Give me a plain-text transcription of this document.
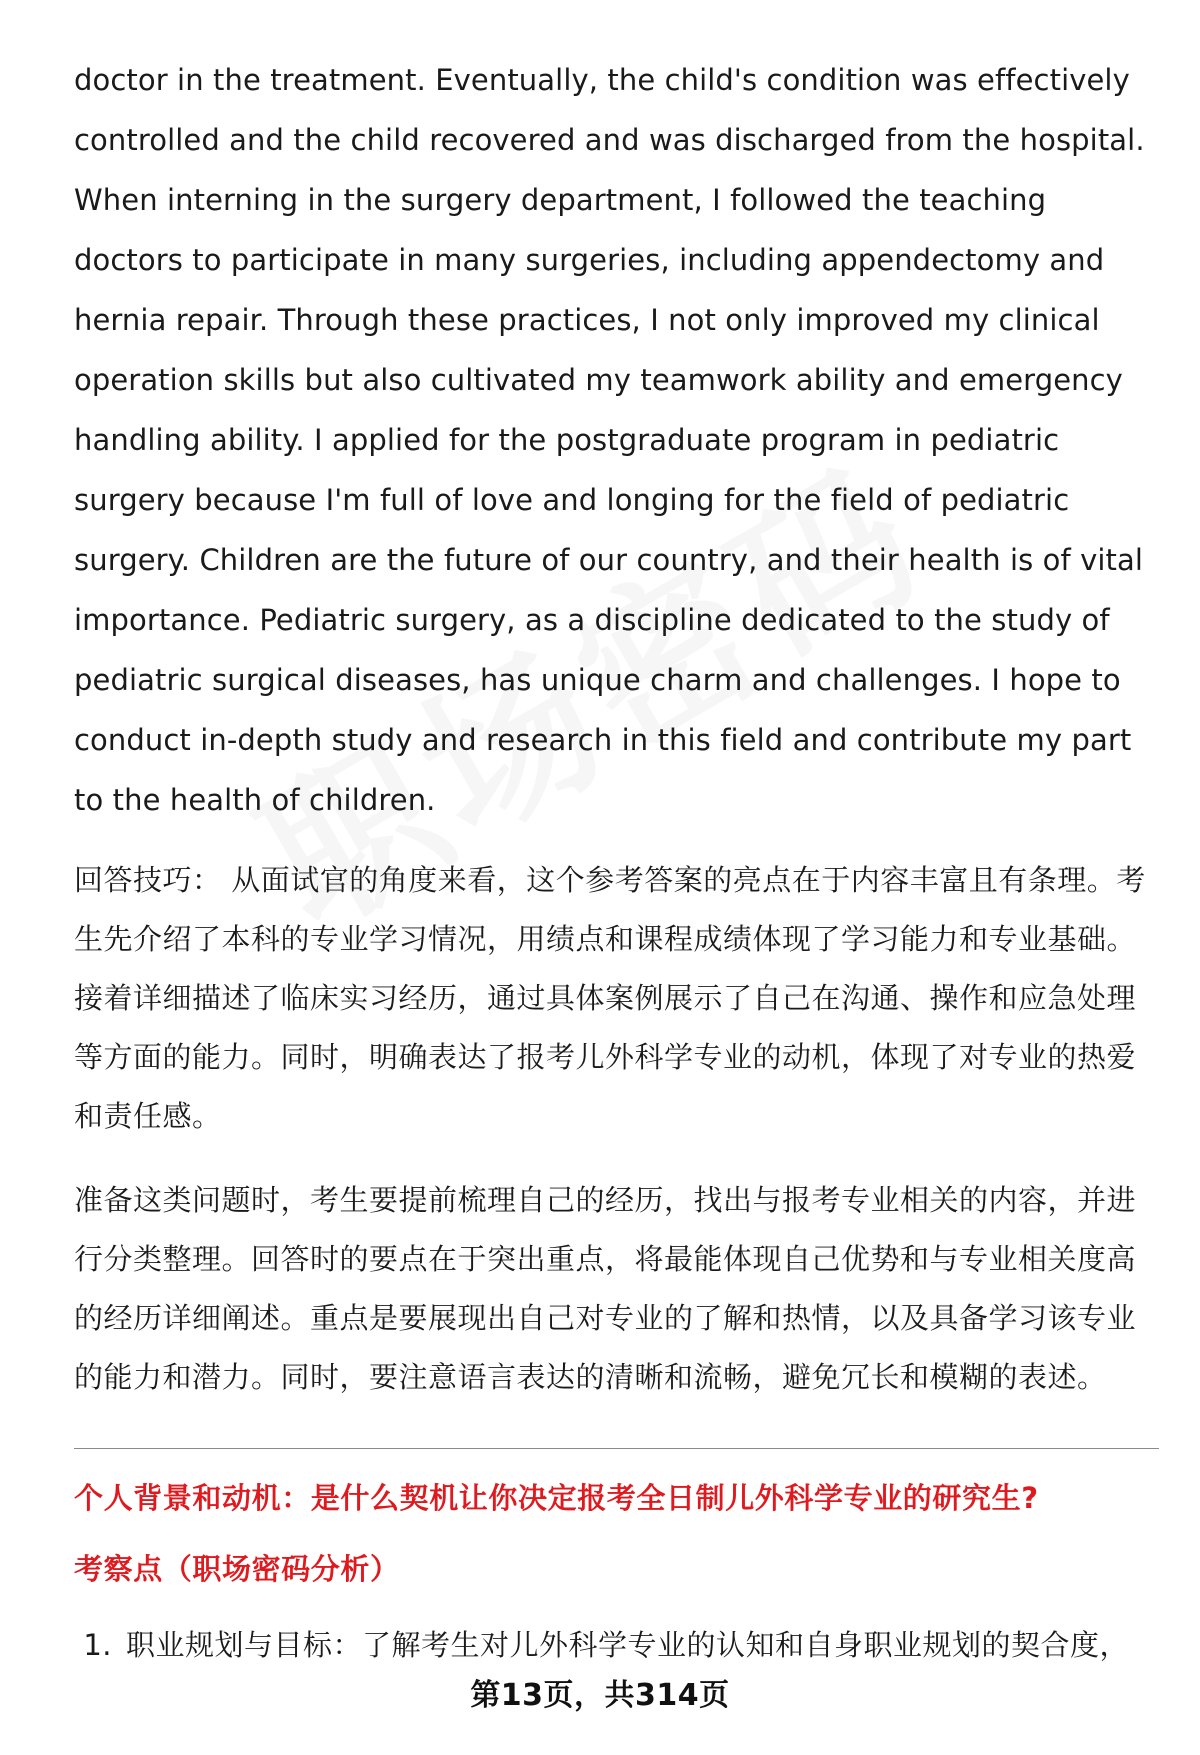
doctor in the treatment. Eventually, the child's condition was effectively controlled and the child recovered and was discharged from the hospital. When interning in the surgery department, I followed the teaching doctors to participate in many surgeries, including appendectomy and hernia repair. Through these practices, I not only improved my clinical operation skills but also cultivated my teamwork ability and emergency handling ability. I applied for the postgraduate program in pediatric surgery because I'm full of love and longing for the field of pediatric surgery. Children are the future of our country, and their health is of vital importance. Pediatric surgery, as a discipline dedicated to the study of pediatric surgical diseases, has unique charm and challenges. I hope to conduct in-depth study and research in this field and contribute my part to the health of children.

回答技巧： 从面试官的角度来看，这个参考答案的亮点在于内容丰富且有条理。考生先介绍了本科的专业学习情况，用绩点和课程成绩体现了学习能力和专业基础。接着详细描述了临床实习经历，通过具体案例展示了自己在沟通、操作和应急处理等方面的能力。同时，明确表达了报考儿外科学专业的动机，体现了对专业的热爱和责任感。

准备这类问题时，考生要提前梳理自己的经历，找出与报考专业相关的内容，并进行分类整理。回答时的要点在于突出重点，将最能体现自己优势和与专业相关度高的经历详细阐述。重点是要展现出自己对专业的了解和热情，以及具备学习该专业的能力和潜力。同时，要注意语言表达的清晰和流畅，避免冗长和模糊的表述。

个人背景和动机：是什么契机让你决定报考全日制儿外科学专业的研究生?

考察点（职场密码分析）

1. 职业规划与目标：了解考生对儿外科学专业的认知和自身职业规划的契合度，
第13页，共314页
